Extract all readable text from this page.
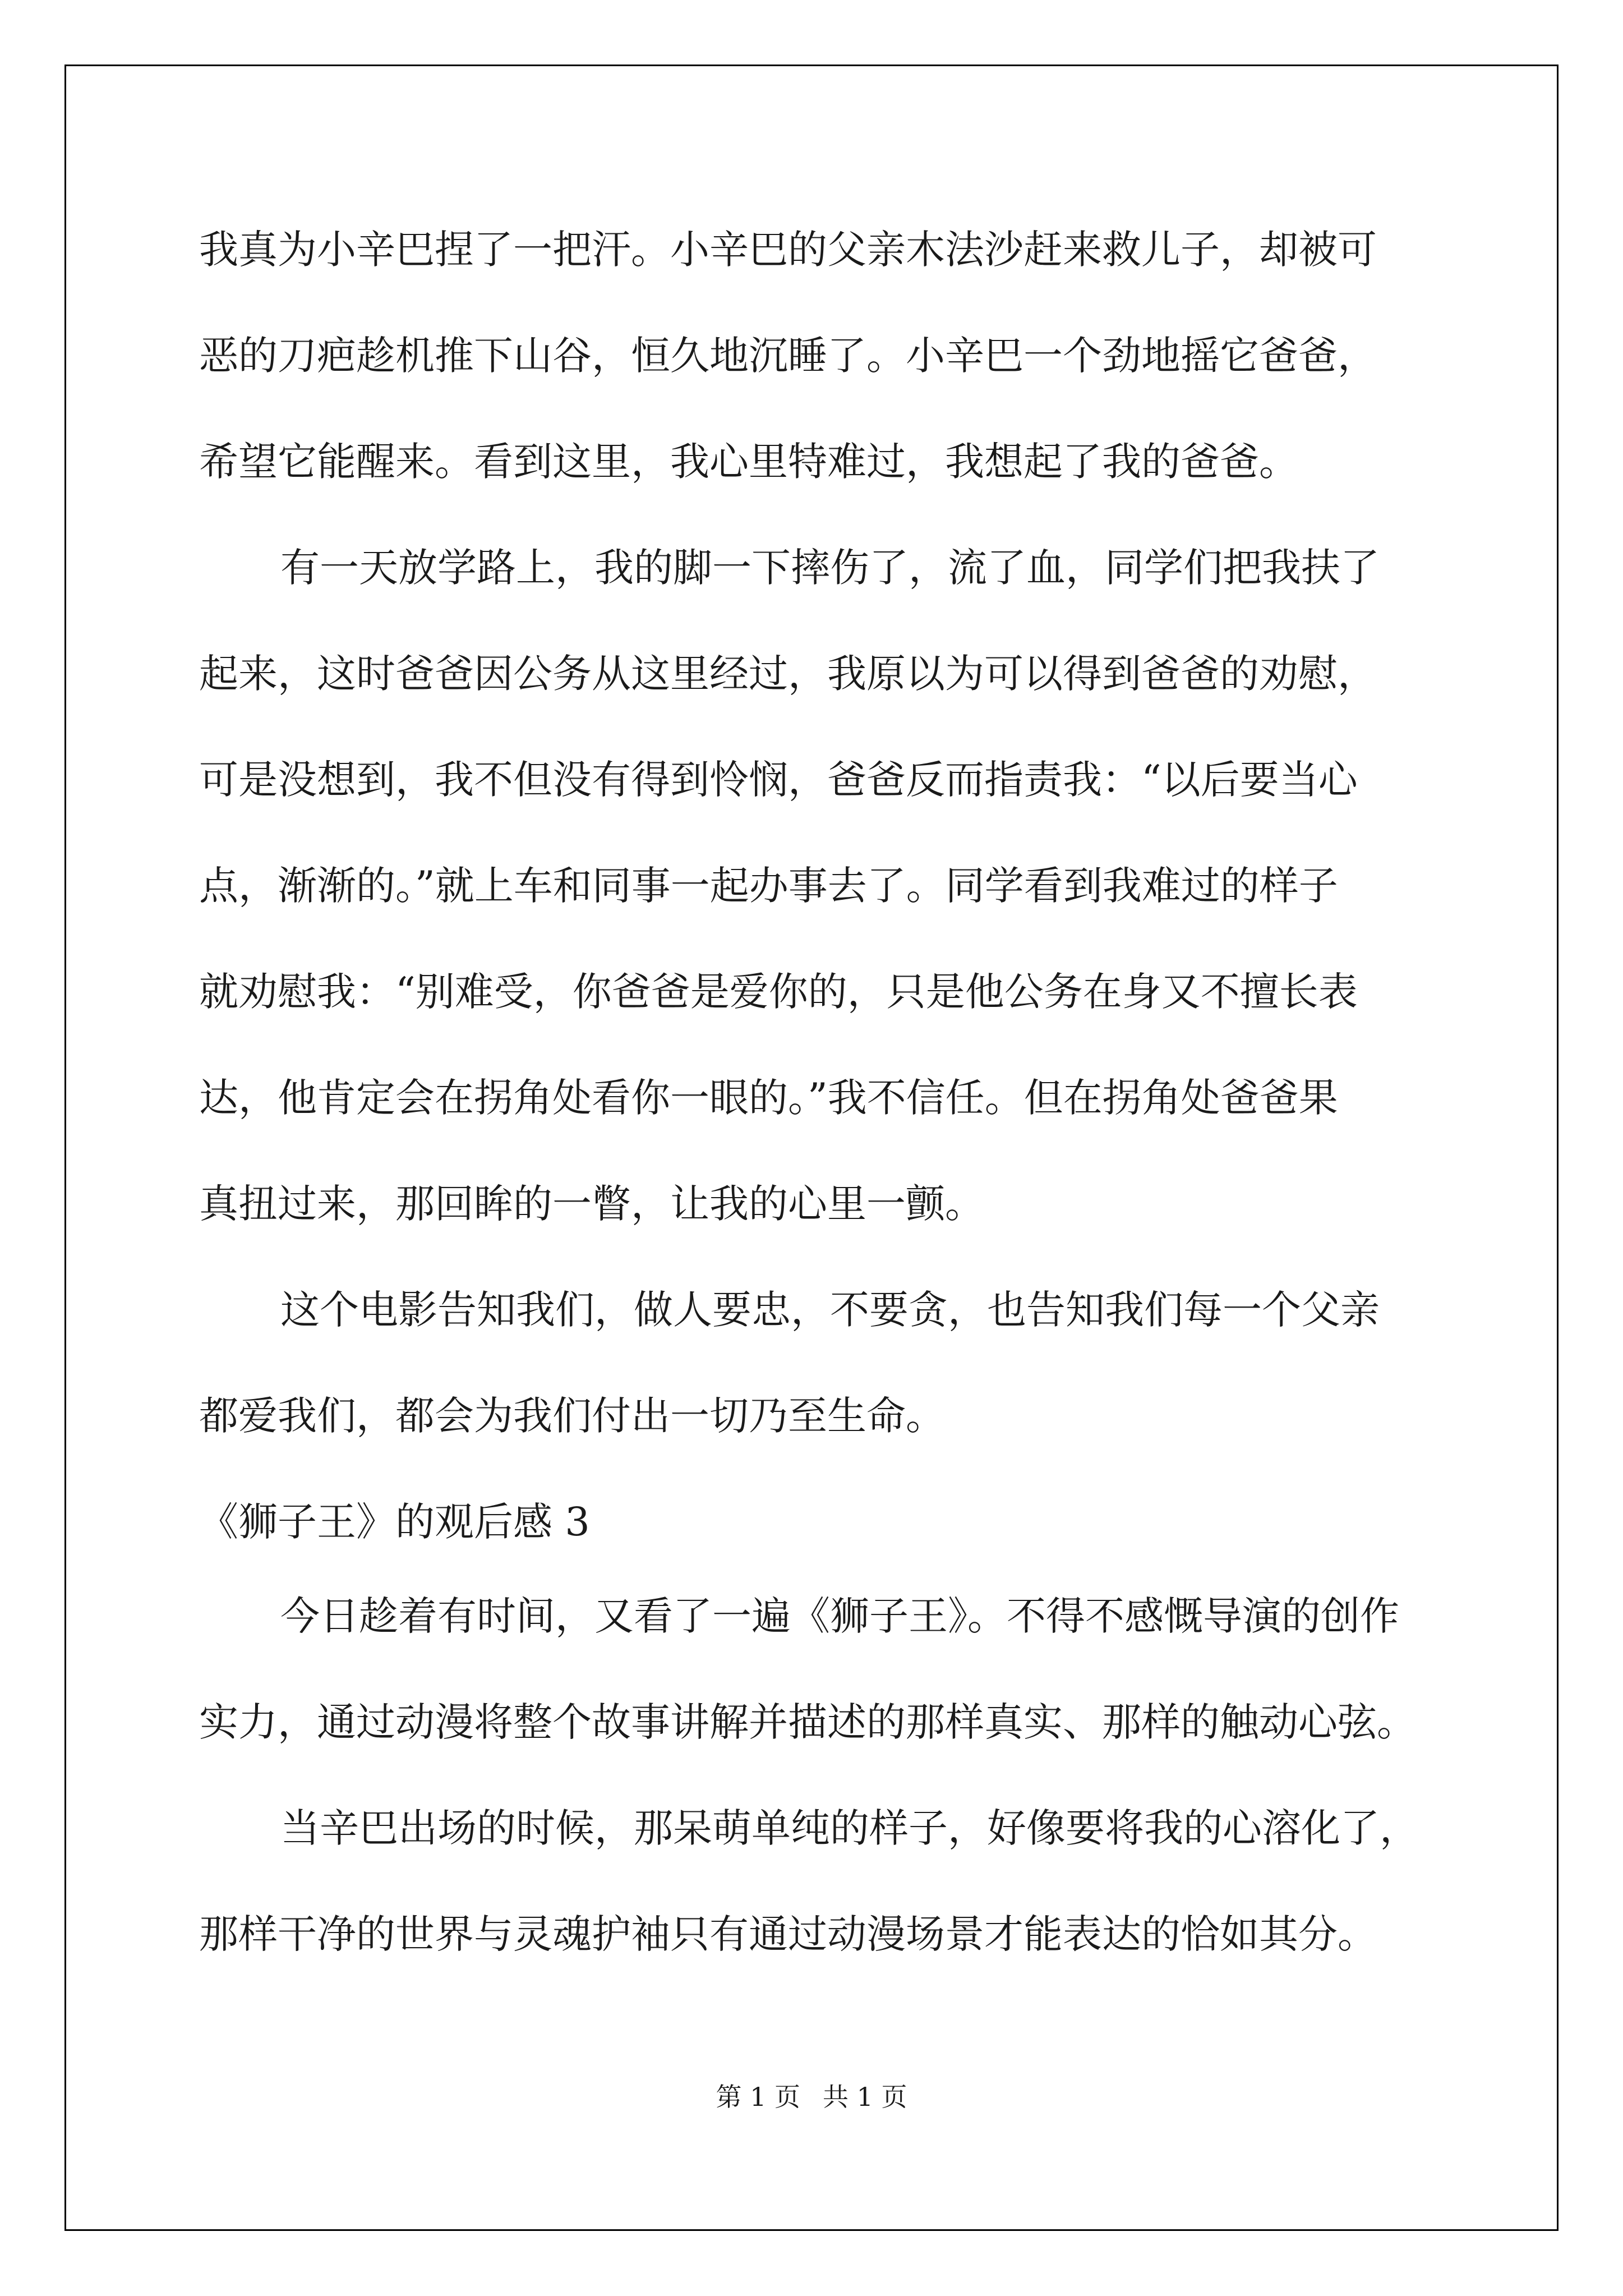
我真为小辛巴捏了一把汗。小辛巴的父亲木法沙赶来救儿子，却被可
恶的刀疤趁机推下山谷，恒久地沉睡了。小辛巴一个劲地摇它爸爸，
希望它能醒来。看到这里，我心里特难过，我想起了我的爸爸。
有一天放学路上，我的脚一下摔伤了，流了血，同学们把我扶了
起来，这时爸爸因公务从这里经过，我原以为可以得到爸爸的劝慰，
可是没想到，我不但没有得到怜悯，爸爸反而指责我：“以后要当心
点，渐渐的。”就上车和同事一起办事去了。同学看到我难过的样子
就劝慰我：“别难受，你爸爸是爱你的，只是他公务在身又不擅长表
达，他肯定会在拐角处看你一眼的。”我不信任。但在拐角处爸爸果
真扭过来，那回眸的一瞥，让我的心里一颤。
这个电影告知我们，做人要忠，不要贪，也告知我们每一个父亲
都爱我们，都会为我们付出一切乃至生命。
《狮子王》的观后感 3
今日趁着有时间，又看了一遍《狮子王》。不得不感慨导演的创作
实力，通过动漫将整个故事讲解并描述的那样真实、那样的触动心弦。
当辛巴出场的时候，那呆萌单纯的样子，好像要将我的心溶化了，
那样干净的世界与灵魂护袖只有通过动漫场景才能表达的恰如其分。
第 1 页 共 1 页
